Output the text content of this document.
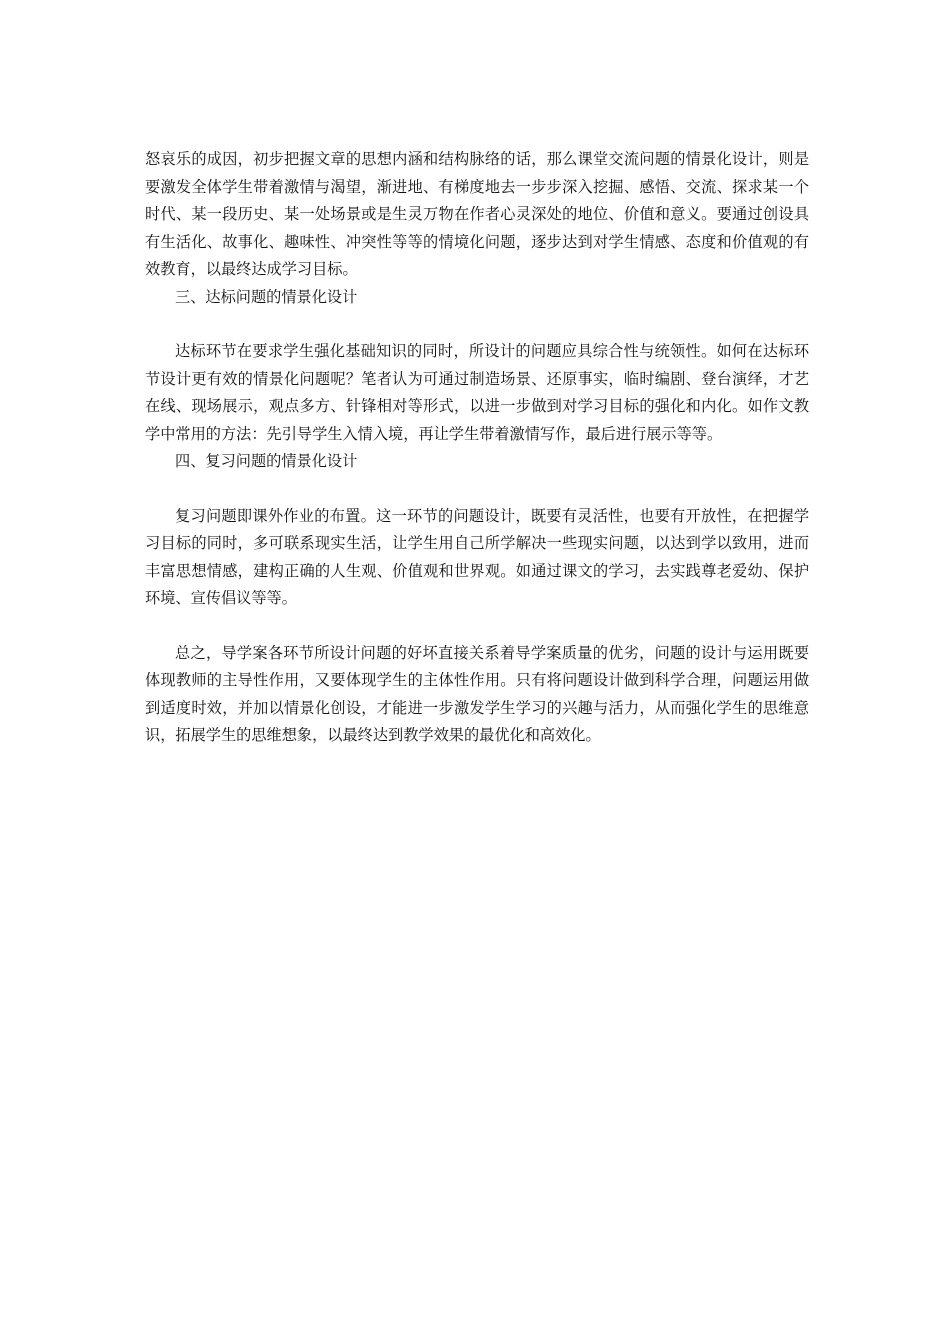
怒哀乐的成因，初步把握文章的思想内涵和结构脉络的话，那么课堂交流问题的情景化设计，则是要激发全体学生带着激情与渴望，渐进地、有梯度地去一步步深入挖掘、感悟、交流、探求某一个时代、某一段历史、某一处场景或是生灵万物在作者心灵深处的地位、价值和意义。要通过创设具有生活化、故事化、趣味性、冲突性等等的情境化问题，逐步达到对学生情感、态度和价值观的有效教育，以最终达成学习目标。

三、达标问题的情景化设计

达标环节在要求学生强化基础知识的同时，所设计的问题应具综合性与统领性。如何在达标环节设计更有效的情景化问题呢？笔者认为可通过制造场景、还原事实，临时编剧、登台演绎，才艺在线、现场展示，观点多方、针锋相对等形式，以进一步做到对学习目标的强化和内化。如作文教学中常用的方法：先引导学生入情入境，再让学生带着激情写作，最后进行展示等等。

四、复习问题的情景化设计

复习问题即课外作业的布置。这一环节的问题设计，既要有灵活性，也要有开放性，在把握学习目标的同时，多可联系现实生活，让学生用自己所学解决一些现实问题，以达到学以致用，进而丰富思想情感，建构正确的人生观、价值观和世界观。如通过课文的学习，去实践尊老爱幼、保护环境、宣传倡议等等。

总之，导学案各环节所设计问题的好坏直接关系着导学案质量的优劣，问题的设计与运用既要体现教师的主导性作用，又要体现学生的主体性作用。只有将问题设计做到科学合理，问题运用做到适度时效，并加以情景化创设，才能进一步激发学生学习的兴趣与活力，从而强化学生的思维意识，拓展学生的思维想象，以最终达到教学效果的最优化和高效化。
